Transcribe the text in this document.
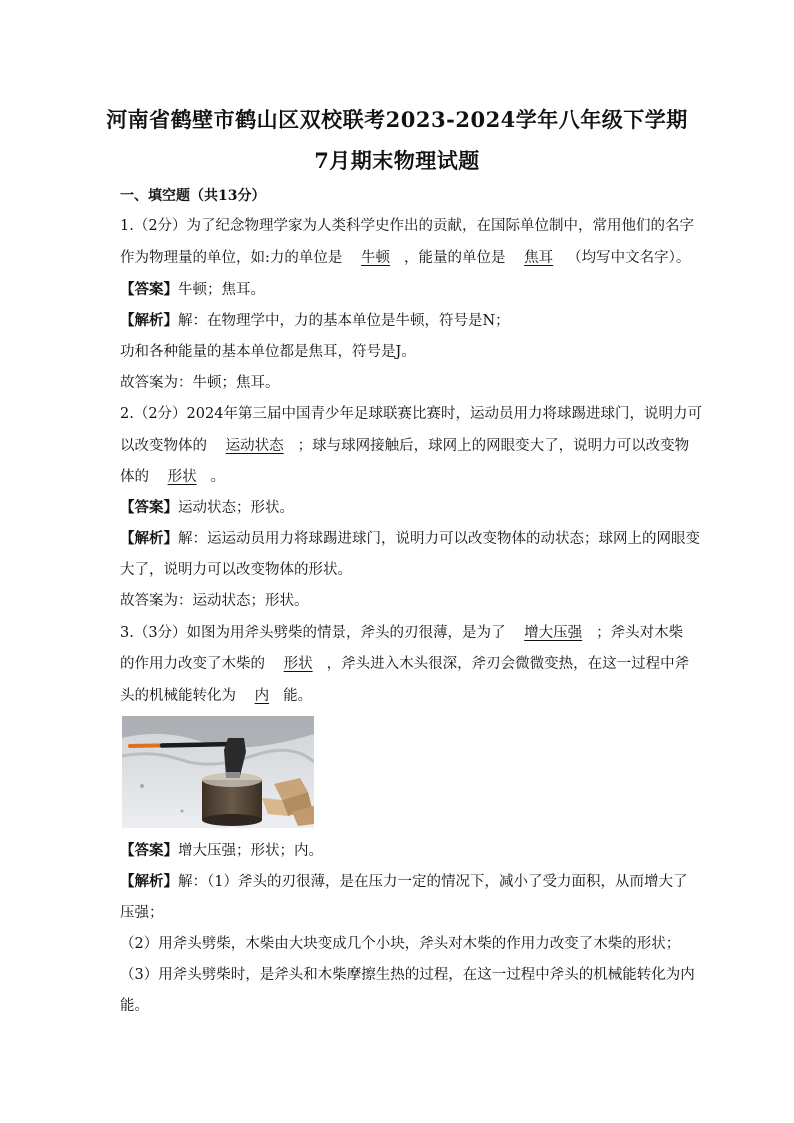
河南省鹤壁市鹤山区双校联考2023-2024学年八年级下学期
7月期末物理试题
一、填空题（共13分）
1.（2分）为了纪念物理学家为人类科学史作出的贡献，在国际单位制中，常用他们的名字
作为物理量的单位，如:力的单位是 牛顿 ，能量的单位是 焦耳 （均写中文名字）。
【答案】牛顿；焦耳。
【解析】解：在物理学中，力的基本单位是牛顿，符号是N；
功和各种能量的基本单位都是焦耳，符号是J。
故答案为：牛顿；焦耳。
2.（2分）2024年第三届中国青少年足球联赛比赛时，运动员用力将球踢进球门，说明力可
以改变物体的 运动状态 ；球与球网接触后，球网上的网眼变大了，说明力可以改变物
体的 形状 。
【答案】运动状态；形状。
【解析】解：运运动员用力将球踢进球门，说明力可以改变物体的动状态；球网上的网眼变
大了，说明力可以改变物体的形状。
故答案为：运动状态；形状。
3.（3分）如图为用斧头劈柴的情景，斧头的刃很薄，是为了 增大压强 ；斧头对木柴
的作用力改变了木柴的 形状 ，斧头进入木头很深，斧刃会微微变热，在这一过程中斧
头的机械能转化为 内 能。
【答案】增大压强；形状；内。
【解析】解：（1）斧头的刃很薄，是在压力一定的情况下，减小了受力面积，从而增大了
压强；
（2）用斧头劈柴，木柴由大块变成几个小块，斧头对木柴的作用力改变了木柴的形状；
（3）用斧头劈柴时，是斧头和木柴摩擦生热的过程，在这一过程中斧头的机械能转化为内
能。
